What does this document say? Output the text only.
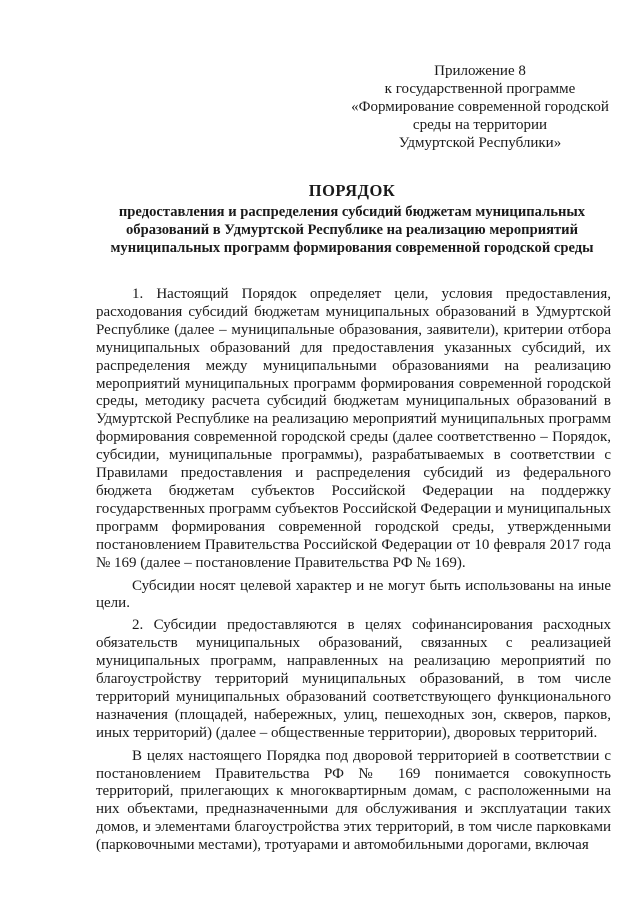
Приложение 8
к государственной программе
«Формирование современной городской
среды на территории
Удмуртской Республики»
ПОРЯДОК
предоставления и распределения субсидий бюджетам муниципальных образований в Удмуртской Республике на реализацию мероприятий муниципальных программ формирования современной городской среды

1. Настоящий Порядок определяет цели, условия предоставления, расходования субсидий бюджетам муниципальных образований в Удмуртской Республике (далее – муниципальные образования, заявители), критерии отбора муниципальных образований для предоставления указанных субсидий, их распределения между муниципальными образованиями на реализацию мероприятий муниципальных программ формирования современной городской среды, методику расчета субсидий бюджетам муниципальных образований в Удмуртской Республике на реализацию мероприятий муниципальных программ формирования современной городской среды (далее соответственно – Порядок, субсидии, муниципальные программы), разрабатываемых в соответствии с Правилами предоставления и распределения субсидий из федерального бюджета бюджетам субъектов Российской Федерации на поддержку государственных программ субъектов Российской Федерации и муниципальных программ формирования современной городской среды, утвержденными постановлением Правительства Российской Федерации от 10 февраля 2017 года № 169 (далее – постановление Правительства РФ № 169).

Субсидии носят целевой характер и не могут быть использованы на иные цели.

2. Субсидии предоставляются в целях софинансирования расходных обязательств муниципальных образований, связанных с реализацией муниципальных программ, направленных на реализацию мероприятий по благоустройству территорий муниципальных образований, в том числе территорий муниципальных образований соответствующего функционального назначения (площадей, набережных, улиц, пешеходных зон, скверов, парков, иных территорий) (далее – общественные территории), дворовых территорий.

В целях настоящего Порядка под дворовой территорией в соответствии с постановлением Правительства РФ № 169 понимается совокупность территорий, прилегающих к многоквартирным домам, с расположенными на них объектами, предназначенными для обслуживания и эксплуатации таких домов, и элементами благоустройства этих территорий, в том числе парковками (парковочными местами), тротуарами и автомобильными дорогами, включая
